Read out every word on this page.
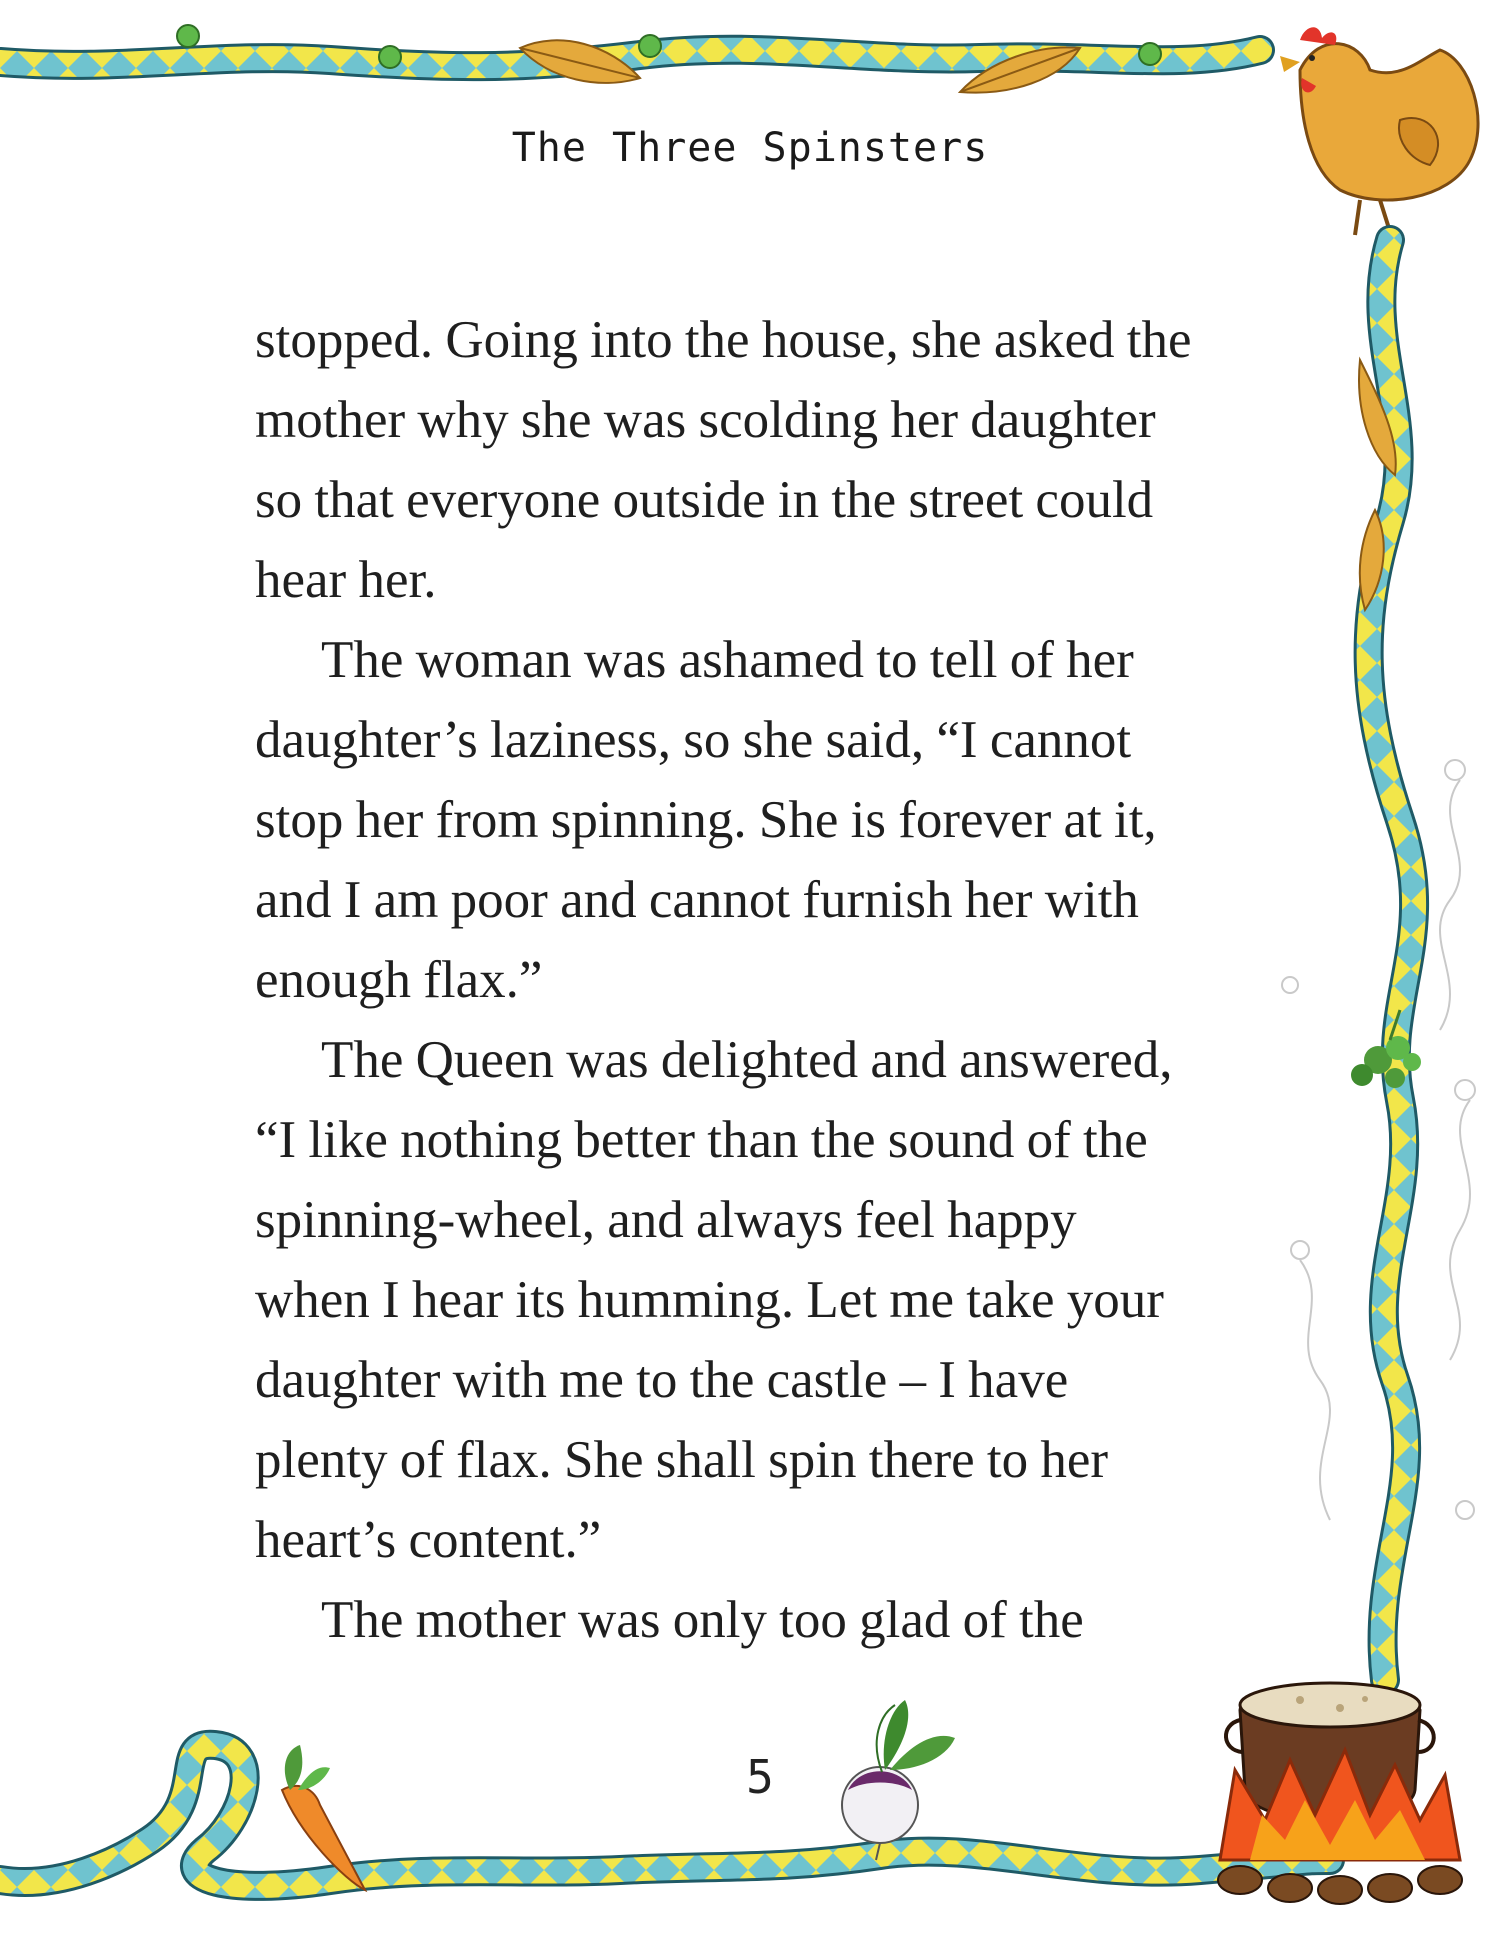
The Three Spinsters

stopped. Going into the house, she asked the
mother why she was scolding her daughter
so that everyone outside in the street could
hear her.

The woman was ashamed to tell of her
daughter’s laziness, so she said, “I cannot
stop her from spinning. She is forever at it,
and I am poor and cannot furnish her with
enough flax.”

The Queen was delighted and answered,
“I like nothing better than the sound of the
spinning-wheel, and always feel happy
when I hear its humming. Let me take your
daughter with me to the castle – I have
plenty of flax. She shall spin there to her
heart’s content.”

The mother was only too glad of the

5
